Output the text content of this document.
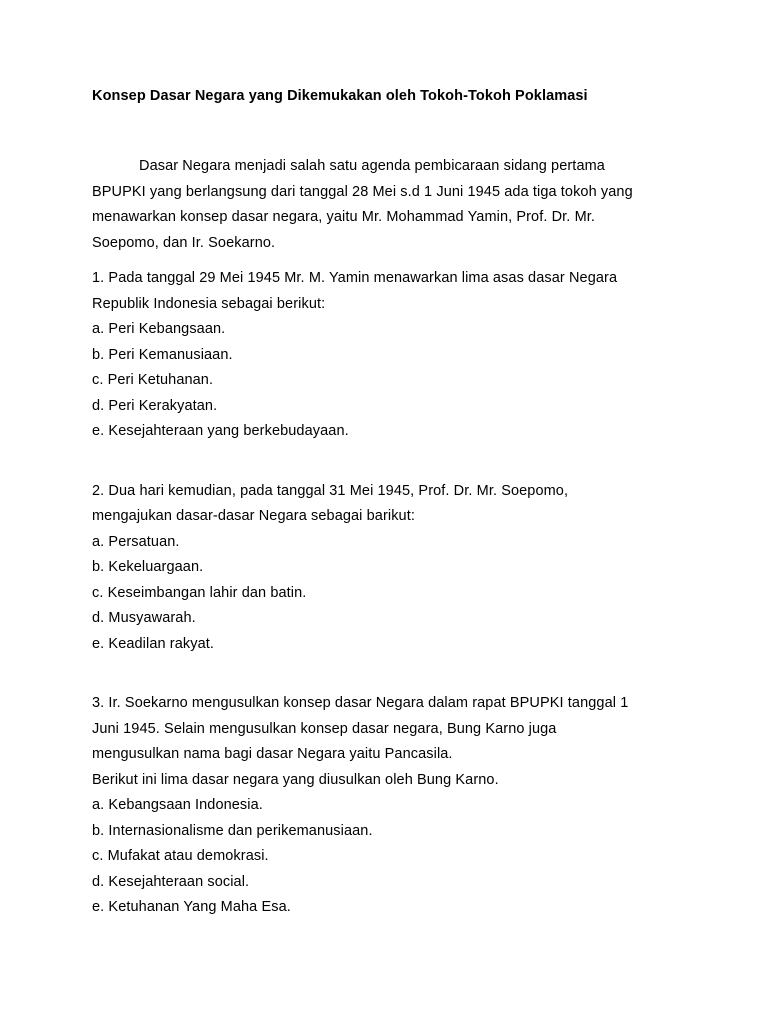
Konsep Dasar Negara yang Dikemukakan oleh Tokoh-Tokoh Poklamasi

Dasar Negara menjadi salah satu agenda pembicaraan sidang pertama
BPUPKI yang berlangsung dari tanggal 28 Mei s.d 1 Juni 1945 ada tiga tokoh yang
menawarkan konsep dasar negara, yaitu Mr. Mohammad Yamin, Prof. Dr. Mr.
Soepomo, dan Ir. Soekarno.
1. Pada tanggal 29 Mei 1945 Mr. M. Yamin menawarkan lima asas dasar Negara
Republik Indonesia sebagai berikut:
a. Peri Kebangsaan.
b. Peri Kemanusiaan.
c. Peri Ketuhanan.
d. Peri Kerakyatan.
e. Kesejahteraan yang berkebudayaan.
2. Dua hari kemudian, pada tanggal 31 Mei 1945, Prof. Dr. Mr. Soepomo,
mengajukan dasar-dasar Negara sebagai barikut:
a. Persatuan.
b. Kekeluargaan.
c. Keseimbangan lahir dan batin.
d. Musyawarah.
e. Keadilan rakyat.
3. Ir. Soekarno mengusulkan konsep dasar Negara dalam rapat BPUPKI tanggal 1
Juni 1945. Selain mengusulkan konsep dasar negara, Bung Karno juga
mengusulkan nama bagi dasar Negara yaitu Pancasila.
Berikut ini lima dasar negara yang diusulkan oleh Bung Karno.
a. Kebangsaan Indonesia.
b. Internasionalisme dan perikemanusiaan.
c. Mufakat atau demokrasi.
d. Kesejahteraan social.
e. Ketuhanan Yang Maha Esa.
